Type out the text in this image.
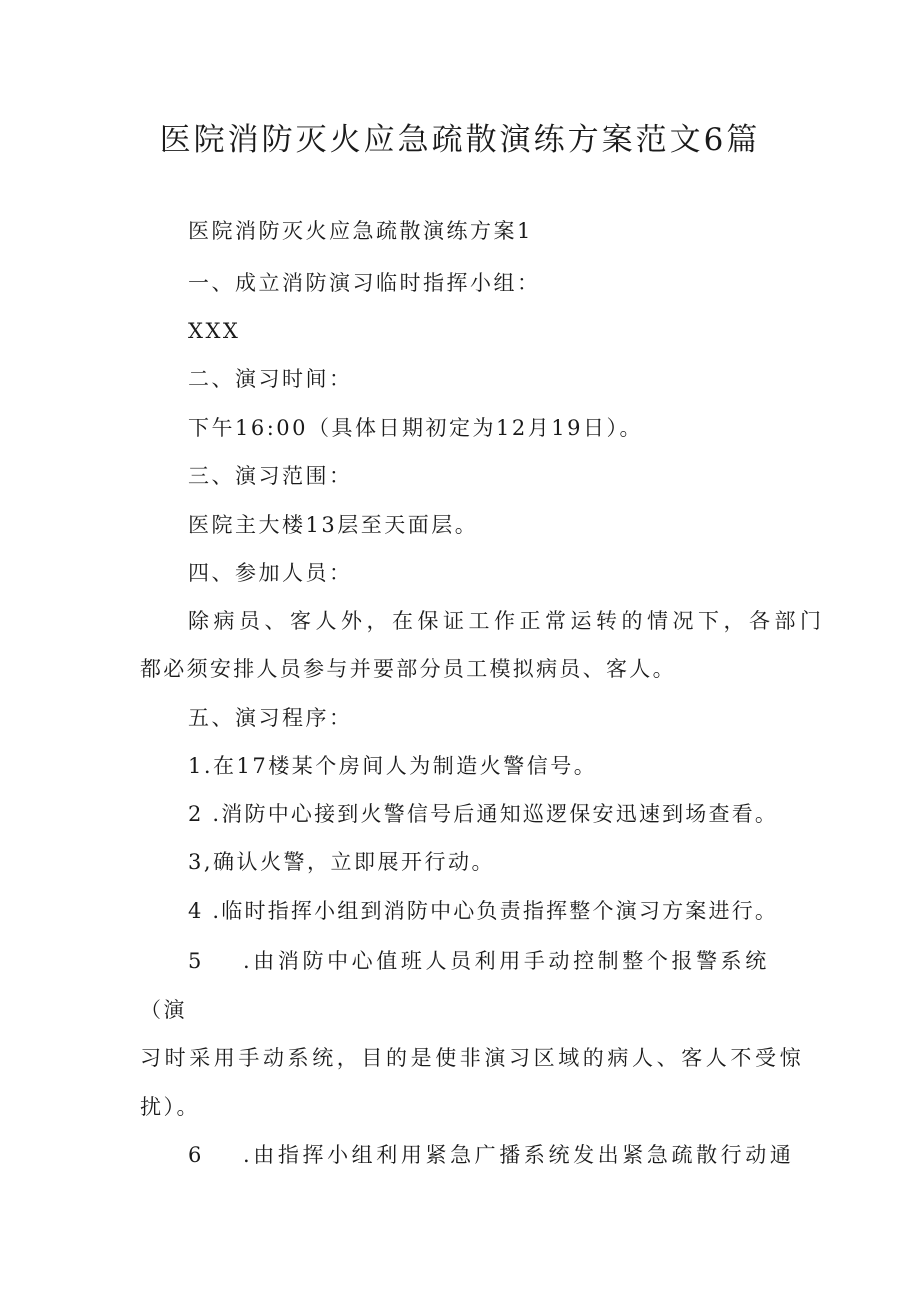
医院消防灭火应急疏散演练方案范文6篇
医院消防灭火应急疏散演练方案1
一、成立消防演习临时指挥小组：
XXX
二、演习时间：
下午16:00（具体日期初定为12月19日）。
三、演习范围：
医院主大楼13层至天面层。
四、参加人员：
除病员、客人外，在保证工作正常运转的情况下，各部门
都必须安排人员参与并要部分员工模拟病员、客人。
五、演习程序：
1.在17楼某个房间人为制造火警信号。
2 .消防中心接到火警信号后通知巡逻保安迅速到场查看。
3,确认火警，立即展开行动。
4 .临时指挥小组到消防中心负责指挥整个演习方案进行。
5 .由消防中心值班人员利用手动控制整个报警系统
（演
习时采用手动系统，目的是使非演习区域的病人、客人不受惊
扰）。
6 .由指挥小组利用紧急广播系统发出紧急疏散行动通
